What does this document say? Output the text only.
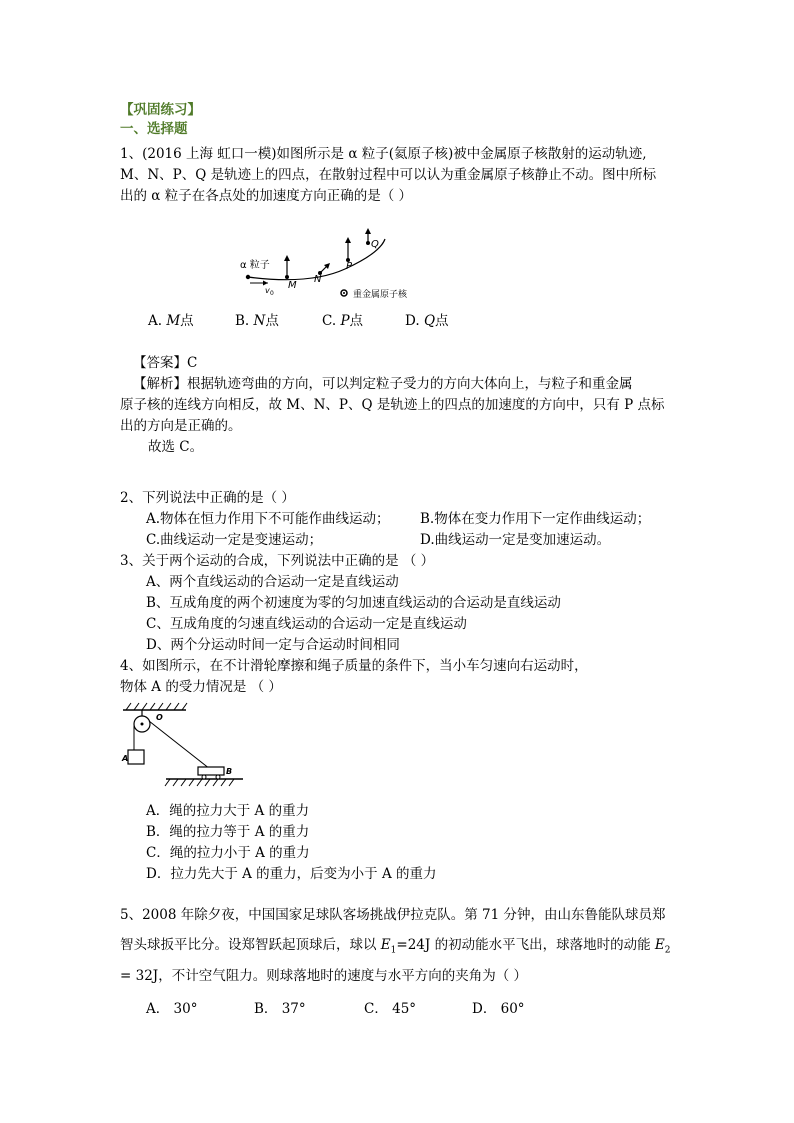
【巩固练习】
一、选择题
1、(2016 上海 虹口一模)如图所示是 α 粒子(氦原子核)被中金属原子核散射的运动轨迹,
M、N、P、Q 是轨迹上的四点，在散射过程中可以认为重金属原子核静止不动。图中所标
出的 α 粒子在各点处的加速度方向正确的是（ ）
α 粒子
v 0
M
N
P
Q
重金属原子核
A. M点	B. N点	C. P点	D. Q点
【答案】C
【解析】根据轨迹弯曲的方向，可以判定粒子受力的方向大体向上，与粒子和重金属
原子核的连线方向相反，故 M、N、P、Q 是轨迹上的四点的加速度的方向中，只有 P 点标
出的方向是正确的。
故选 C。
2、下列说法中正确的是（ ）
A.物体在恒力作用下不可能作曲线运动； B.物体在变力作用下一定作曲线运动；
C.曲线运动一定是变速运动；	D.曲线运动一定是变加速运动。
3、关于两个运动的合成，下列说法中正确的是 （ ）
A、两个直线运动的合运动一定是直线运动
B、互成角度的两个初速度为零的匀加速直线运动的合运动是直线运动
C、互成角度的匀速直线运动的合运动一定是直线运动
D、两个分运动时间一定与合运动时间相同
4、如图所示，在不计滑轮摩擦和绳子质量的条件下，当小车匀速向右运动时，
物体 A 的受力情况是 （ ）
O
A
B
A．绳的拉力大于 A 的重力
B．绳的拉力等于 A 的重力
C．绳的拉力小于 A 的重力
D．拉力先大于 A 的重力，后变为小于 A 的重力
5、2008 年除夕夜，中国国家足球队客场挑战伊拉克队。第 71 分钟，由山东鲁能队球员郑
智头球扳平比分。设郑智跃起顶球后，球以 $E_1=24J$ 的初动能水平飞出，球落地时的动能 $E_2$
= 32J，不计空气阻力。则球落地时的速度与水平方向的夹角为（ ）
A． 30°	B． 37°	C． 45°	D． 60°
